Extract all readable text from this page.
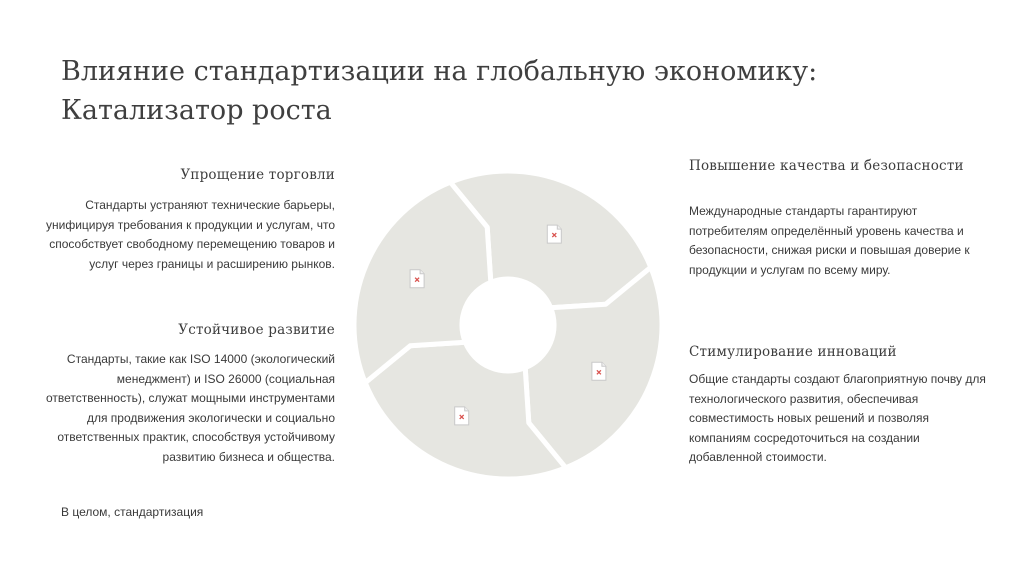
Влияние стандартизации на глобальную экономику:
Катализатор роста
Упрощение торговли

Стандарты устраняют технические барьеры, унифицируя требования к продукции и услугам, что способствует свободному перемещению товаров и услуг через границы и расширению рынков.

Устойчивое развитие

Стандарты, такие как ISO 14000 (экологический менеджмент) и ISO 26000 (социальная ответственность), служат мощными инструментами для продвижения экологически и социально ответственных практик, способствуя устойчивому развитию бизнеса и общества.

Повышение качества и безопасности

Международные стандарты гарантируют потребителям определённый уровень качества и безопасности, снижая риски и повышая доверие к продукции и услугам по всему миру.

Стимулирование инноваций

Общие стандарты создают благоприятную почву для технологического развития, обеспечивая совместимость новых решений и позволяя компаниям сосредоточиться на создании добавленной стоимости.

В целом, стандартизация
